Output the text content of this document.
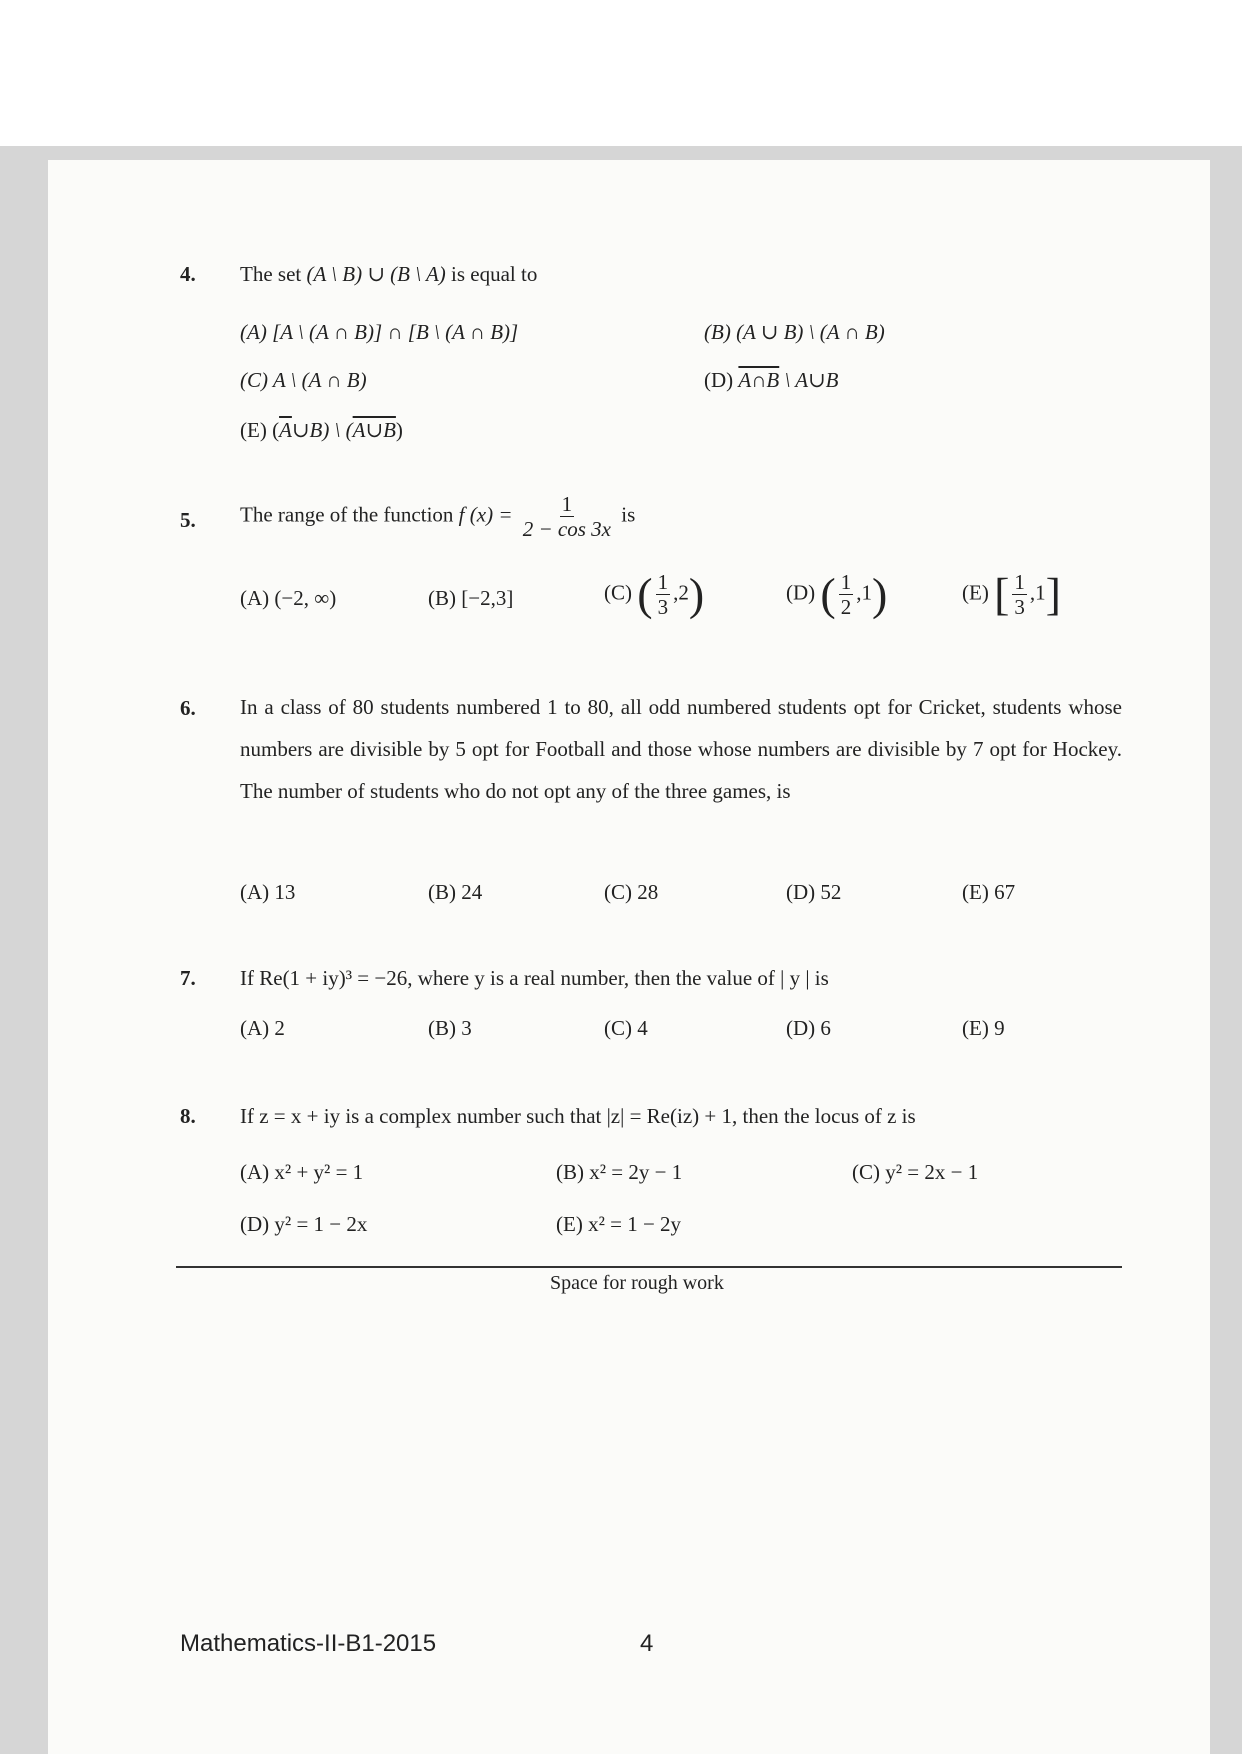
4. The set (A \ B) ∪ (B \ A) is equal to
(A) [A \ (A ∩ B)] ∩ [B \ (A ∩ B)]	(B) (A ∪ B) \ (A ∩ B)
(C) A \ (A ∩ B)	(D) A∩B \ A∪B
(E) $(\overline{A}\cup B)$ \ (A∪B)
5. The range of the function f $(x) = \frac{1}{2 - \cos 3x}$ is
(A) (−2, ∞)	(B) [−2,3]	(C) ( $\frac{1}{3} ,2$)	(D) ( $\frac{1}{2} ,1$)	(E) [ $\frac{1}{3} ,1$]
6. In a class of 80 students numbered 1 to 80, all odd numbered students opt for Cricket, students whose numbers are divisible by 5 opt for Football and those whose numbers are divisible by 7 opt for Hockey. The number of students who do not opt any of the three games, is
(A) 13	(B) 24	(C) 28	(D) 52	(E) 67
7. If Re(1 + iy)³ = −26, where y is a real number, then the value of | y | is
(A) 2	(B) 3	(C) 4	(D) 6	(E) 9
8. If z = x + iy is a complex number such that |z| = Re(iz) + 1, then the locus of z is
(A) x² + y² = 1	(B) x² = 2y − 1	(C) y² = 2x − 1
(D) y² = 1 − 2x	(E) x² = 1 − 2y
Space for rough work
Mathematics-II-B1-2015	4
